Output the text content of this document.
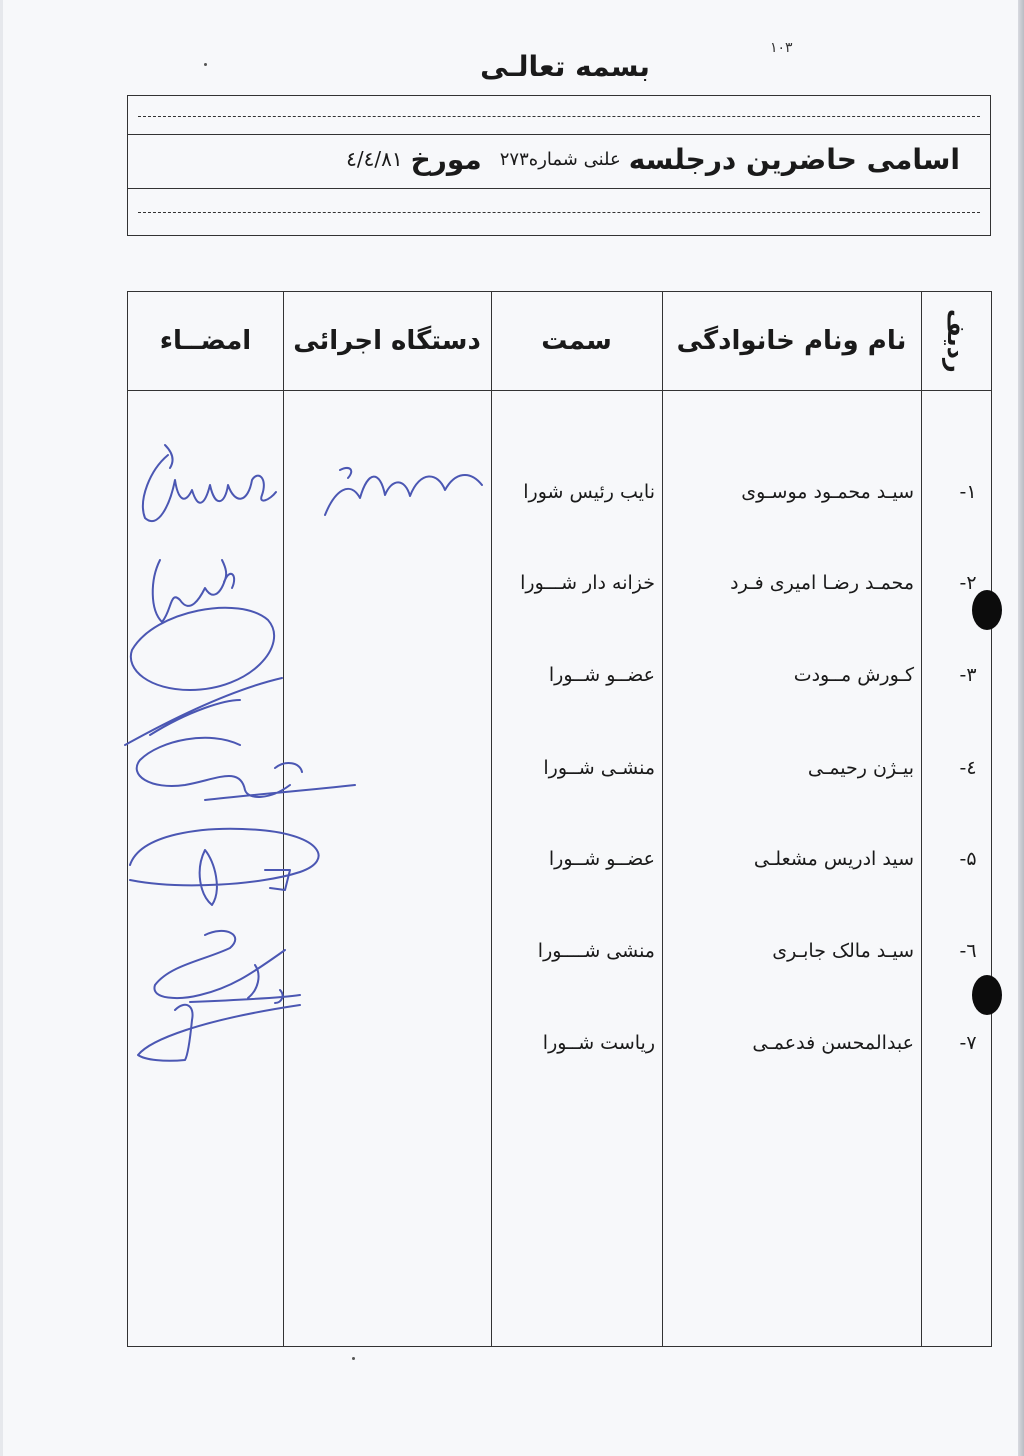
۱۰۳
بسمه تعالـی
اسامی حاضرین درجلسه
علنی شماره
۲۷۳
مورخ
۸۱/٤/٤
ردیف
نام ونام خانوادگی
سمت
دستگاه اجرائی
امضــاء
۱-
سیـد محمـود موسـوی
نایب رئیس شورا
۲-
محمـد رضـا امیری فـرد
خزانه دار شـــورا
۳-
کـورش مــودت
عضــو شــورا
٤-
بیـژن رحیمـی
منشـی شــورا
۵-
سید ادریس مشعلـی
عضــو شــورا
٦-
سیـد مالک جابـری
منشی شــــورا
۷-
عبدالمحسن فدعمـی
ریاست شــورا
